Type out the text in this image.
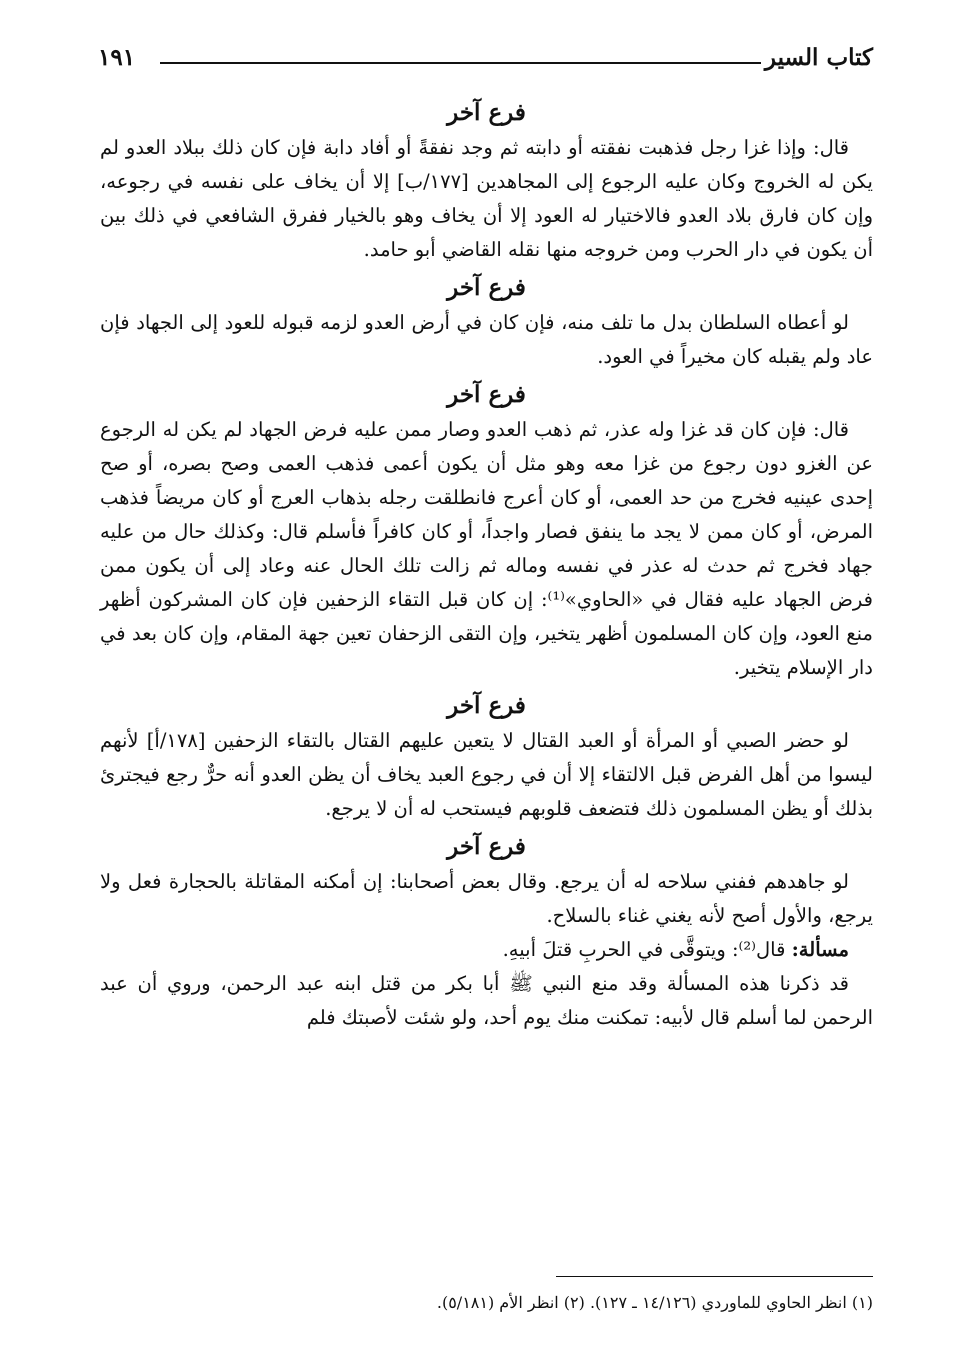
كتاب السير
١٩١
فرع آخر

قال: وإذا غزا رجل فذهبت نفقته أو دابته ثم وجد نفقةً أو أفاد دابة فإن كان ذلك ببلاد العدو لم يكن له الخروج وكان عليه الرجوع إلى المجاهدين [١٧٧/ب] إلا أن يخاف على نفسه في رجوعه، وإن كان فارق بلاد العدو فالاختيار له العود إلا أن يخاف وهو بالخيار ففرق الشافعي في ذلك بين أن يكون في دار الحرب ومن خروجه منها نقله القاضي أبو حامد.

فرع آخر

لو أعطاه السلطان بدل ما تلف منه، فإن كان في أرض العدو لزمه قبوله للعود إلى الجهاد فإن عاد ولم يقبله كان مخيراً في العود.

فرع آخر

قال: فإن كان قد غزا وله عذر، ثم ذهب العدو وصار ممن عليه فرض الجهاد لم يكن له الرجوع عن الغزو دون رجوع من غزا معه وهو مثل أن يكون أعمى فذهب العمى وصح بصره، أو صح إحدى عينيه فخرج من حد العمى، أو كان أعرج فانطلقت رجله بذهاب العرج أو كان مريضاً فذهب المرض، أو كان ممن لا يجد ما ينفق فصار واجداً، أو كان كافراً فأسلم قال: وكذلك حال من عليه جهاد فخرج ثم حدث له عذر في نفسه وماله ثم زالت تلك الحال عنه وعاد إلى أن يكون ممن فرض الجهاد عليه فقال في «الحاوي»⁽¹⁾: إن كان قبل التقاء الزحفين فإن كان المشركون أظهر منع العود، وإن كان المسلمون أظهر يتخير، وإن التقى الزحفان تعين جهة المقام، وإن كان بعد في دار الإسلام يتخير.

فرع آخر

لو حضر الصبي أو المرأة أو العبد القتال لا يتعين عليهم القتال بالتقاء الزحفين [١٧٨/أ] لأنهم ليسوا من أهل الفرض قبل الالتقاء إلا أن في رجوع العبد يخاف أن يظن العدو أنه حرٌّ رجع فيجترئ بذلك أو يظن المسلمون ذلك فتضعف قلوبهم فيستحب له أن لا يرجع.

فرع آخر

لو جاهدهم ففني سلاحه له أن يرجع. وقال بعض أصحابنا: إن أمكنه المقاتلة بالحجارة فعل ولا يرجع، والأول أصح لأنه يغني غناء بالسلاح.

مسألة: قال⁽²⁾: ويتوقَّى في الحربِ قتلَ أبيهِ.

قد ذكرنا هذه المسألة وقد منع النبي ﷺ أبا بكر من قتل ابنه عبد الرحمن، وروي أن عبد الرحمن لما أسلم قال لأبيه: تمكنت منك يوم أحد، ولو شئت لأصبتك فلم

(١) انظر الحاوي للماوردي (١٤/١٢٦ ـ ١٢٧). (٢) انظر الأم (٥/١٨١).
